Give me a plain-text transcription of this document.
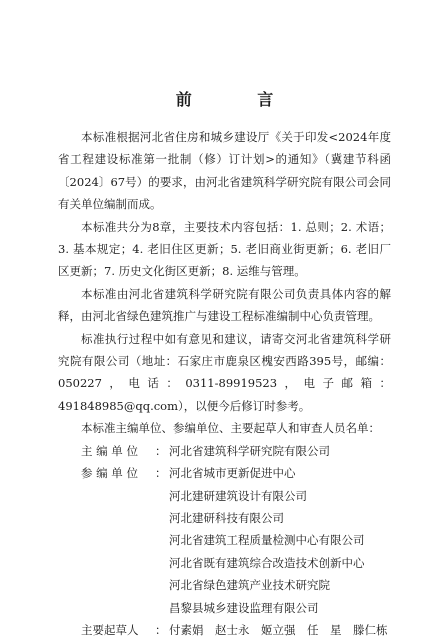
前 言

本标准根据河北省住房和城乡建设厅《关于印发<2024年度省工程建设标准第一批制（修）订计划>的通知》（冀建节科函〔2024〕67号）的要求，由河北省建筑科学研究院有限公司会同有关单位编制而成。

本标准共分为8章，主要技术内容包括：1. 总则；2. 术语；3. 基本规定；4. 老旧住区更新；5. 老旧商业街更新；6. 老旧厂区更新；7. 历史文化街区更新；8. 运维与管理。

本标准由河北省建筑科学研究院有限公司负责具体内容的解释，由河北省绿色建筑推广与建设工程标准编制中心负责管理。

标准执行过程中如有意见和建议，请寄交河北省建筑科学研究院有限公司（地址：石家庄市鹿泉区槐安西路395号，邮编：050227，电话：0311-89919523，电子邮箱：491848985@qq.com），以便今后修订时参考。

本标准主编单位、参编单位、主要起草人和审查人员名单：

主 编 单 位	： 河北省建筑科学研究院有限公司
参 编 单 位	： 河北省城市更新促进中心
河北建研建筑设计有限公司
河北建研科技有限公司
河北省建筑工程质量检测中心有限公司
河北省既有建筑综合改造技术创新中心
河北省绿色建筑产业技术研究院
昌黎县城乡建设监理有限公司
主要起草人	： 付素娟　赵士永　姬立强　任　星　滕仁栋
